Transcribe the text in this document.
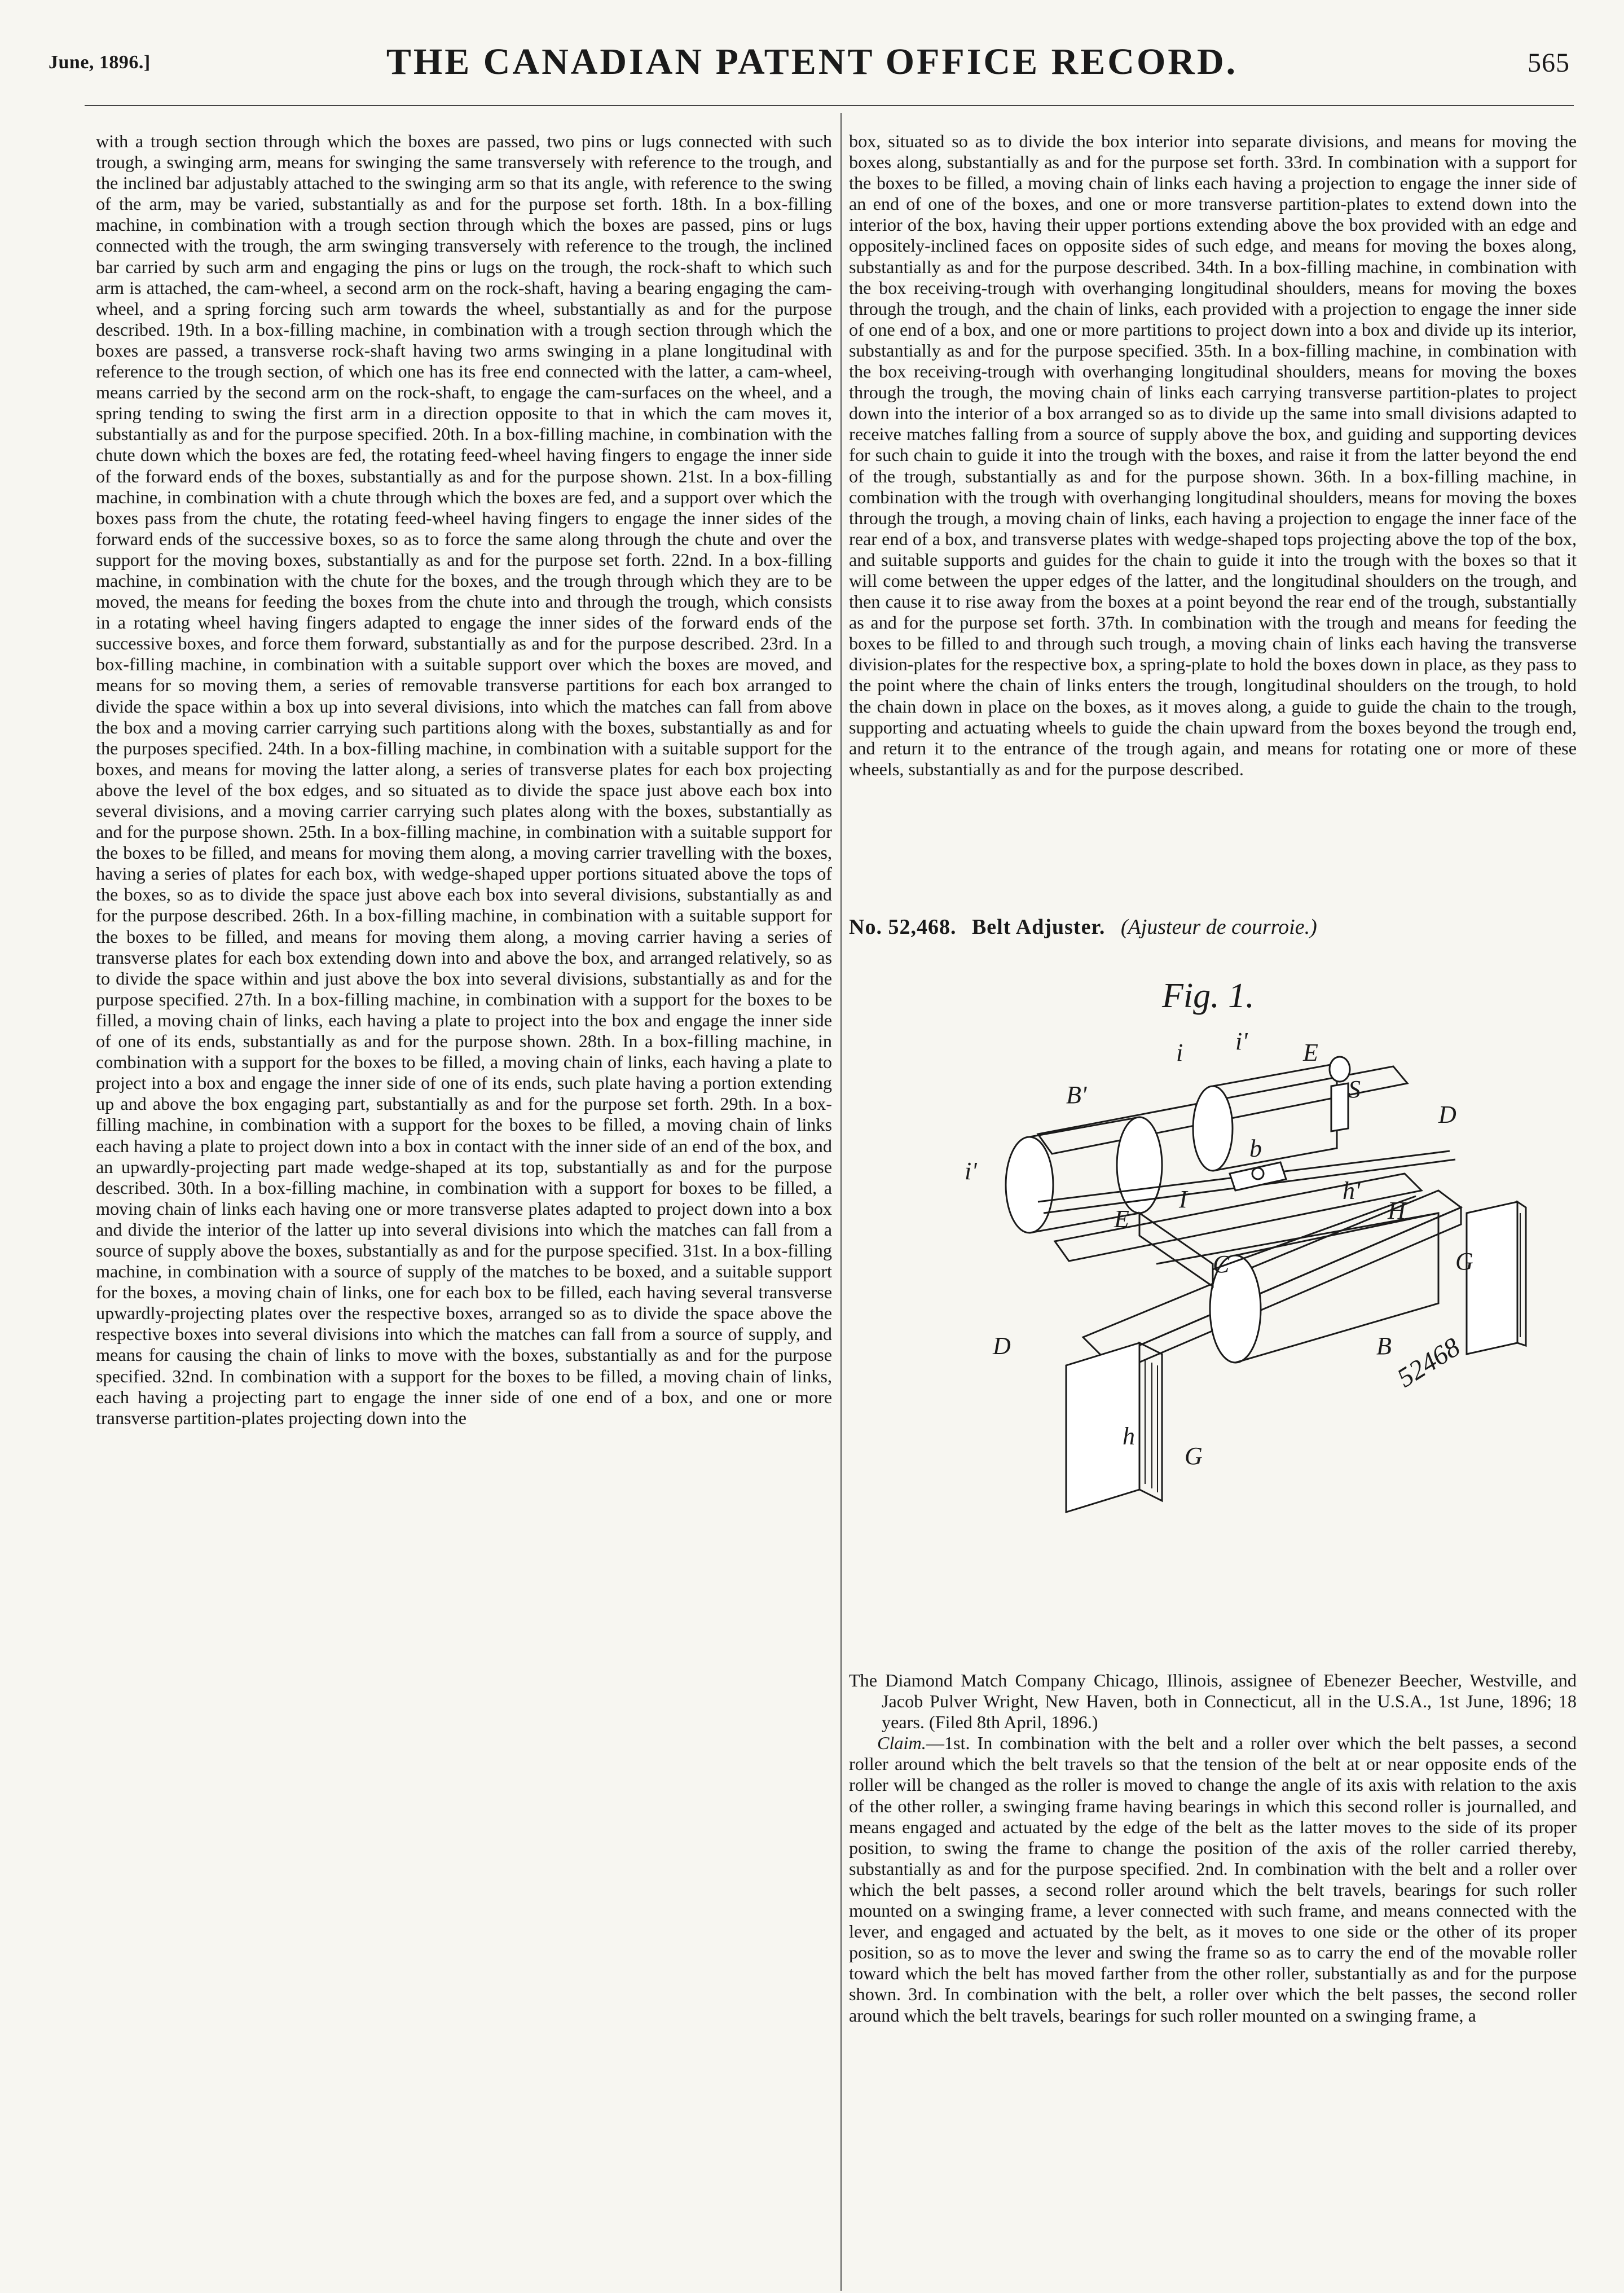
June, 1896.]	THE CANADIAN PATENT OFFICE RECORD.	565

with a trough section through which the boxes are passed, two pins or lugs connected with such trough, a swinging arm, means for swinging the same transversely with reference to the trough, and the inclined bar adjustably attached to the swinging arm so that its angle, with reference to the swing of the arm, may be varied, substantially as and for the purpose set forth. 18th. In a box-filling machine, in combination with a trough section through which the boxes are passed, pins or lugs connected with the trough, the arm swinging transversely with reference to the trough, the inclined bar carried by such arm and engaging the pins or lugs on the trough, the rock-shaft to which such arm is attached, the cam-wheel, a second arm on the rock-shaft, having a bearing engaging the cam-wheel, and a spring forcing such arm towards the wheel, substantially as and for the purpose described. 19th. In a box-filling machine, in combination with a trough section through which the boxes are passed, a transverse rock-shaft having two arms swinging in a plane longitudinal with reference to the trough section, of which one has its free end connected with the latter, a cam-wheel, means carried by the second arm on the rock-shaft, to engage the cam-surfaces on the wheel, and a spring tending to swing the first arm in a direction opposite to that in which the cam moves it, substantially as and for the purpose specified. 20th. In a box-filling machine, in combination with the chute down which the boxes are fed, the rotating feed-wheel having fingers to engage the inner side of the forward ends of the boxes, substantially as and for the purpose shown. 21st. In a box-filling machine, in combination with a chute through which the boxes are fed, and a support over which the boxes pass from the chute, the rotating feed-wheel having fingers to engage the inner sides of the forward ends of the successive boxes, so as to force the same along through the chute and over the support for the moving boxes, substantially as and for the purpose set forth. 22nd. In a box-filling machine, in combination with the chute for the boxes, and the trough through which they are to be moved, the means for feeding the boxes from the chute into and through the trough, which consists in a rotating wheel having fingers adapted to engage the inner sides of the forward ends of the successive boxes, and force them forward, substantially as and for the purpose described. 23rd. In a box-filling machine, in combination with a suitable support over which the boxes are moved, and means for so moving them, a series of removable transverse partitions for each box arranged to divide the space within a box up into several divisions, into which the matches can fall from above the box and a moving carrier carrying such partitions along with the boxes, substantially as and for the purposes specified. 24th. In a box-filling machine, in combination with a suitable support for the boxes, and means for moving the latter along, a series of transverse plates for each box projecting above the level of the box edges, and so situated as to divide the space just above each box into several divisions, and a moving carrier carrying such plates along with the boxes, substantially as and for the purpose shown. 25th. In a box-filling machine, in combination with a suitable support for the boxes to be filled, and means for moving them along, a moving carrier travelling with the boxes, having a series of plates for each box, with wedge-shaped upper portions situated above the tops of the boxes, so as to divide the space just above each box into several divisions, substantially as and for the purpose described. 26th. In a box-filling machine, in combination with a suitable support for the boxes to be filled, and means for moving them along, a moving carrier having a series of transverse plates for each box extending down into and above the box, and arranged relatively, so as to divide the space within and just above the box into several divisions, substantially as and for the purpose specified. 27th. In a box-filling machine, in combination with a support for the boxes to be filled, a moving chain of links, each having a plate to project into the box and engage the inner side of one of its ends, substantially as and for the purpose shown. 28th. In a box-filling machine, in combination with a support for the boxes to be filled, a moving chain of links, each having a plate to project into a box and engage the inner side of one of its ends, such plate having a portion extending up and above the box engaging part, substantially as and for the purpose set forth. 29th. In a box-filling machine, in combination with a support for the boxes to be filled, a moving chain of links each having a plate to project down into a box in contact with the inner side of an end of the box, and an upwardly-projecting part made wedge-shaped at its top, substantially as and for the purpose described. 30th. In a box-filling machine, in combination with a support for boxes to be filled, a moving chain of links each having one or more transverse plates adapted to project down into a box and divide the interior of the latter up into several divisions into which the matches can fall from a source of supply above the boxes, substantially as and for the purpose specified. 31st. In a box-filling machine, in combination with a source of supply of the matches to be boxed, and a suitable support for the boxes, a moving chain of links, one for each box to be filled, each having several transverse upwardly-projecting plates over the respective boxes, arranged so as to divide the space above the respective boxes into several divisions into which the matches can fall from a source of supply, and means for causing the chain of links to move with the boxes, substantially as and for the purpose specified. 32nd. In combination with a support for the boxes to be filled, a moving chain of links, each having a projecting part to engage the inner side of one end of a box, and one or more transverse partition-plates projecting down into the

box, situated so as to divide the box interior into separate divisions, and means for moving the boxes along, substantially as and for the purpose set forth. 33rd. In combination with a support for the boxes to be filled, a moving chain of links each having a projection to engage the inner side of an end of one of the boxes, and one or more transverse partition-plates to extend down into the interior of the box, having their upper portions extending above the box provided with an edge and oppositely-inclined faces on opposite sides of such edge, and means for moving the boxes along, substantially as and for the purpose described. 34th. In a box-filling machine, in combination with the box receiving-trough with overhanging longitudinal shoulders, means for moving the boxes through the trough, and the chain of links, each provided with a projection to engage the inner side of one end of a box, and one or more partitions to project down into a box and divide up its interior, substantially as and for the purpose specified. 35th. In a box-filling machine, in combination with the box receiving-trough with overhanging longitudinal shoulders, means for moving the boxes through the trough, the moving chain of links each carrying transverse partition-plates to project down into the interior of a box arranged so as to divide up the same into small divisions adapted to receive matches falling from a source of supply above the box, and guiding and supporting devices for such chain to guide it into the trough with the boxes, and raise it from the latter beyond the end of the trough, substantially as and for the purpose shown. 36th. In a box-filling machine, in combination with the trough with overhanging longitudinal shoulders, means for moving the boxes through the trough, a moving chain of links, each having a projection to engage the inner face of the rear end of a box, and transverse plates with wedge-shaped tops projecting above the top of the box, and suitable supports and guides for the chain to guide it into the trough with the boxes so that it will come between the upper edges of the latter, and the longitudinal shoulders on the trough, and then cause it to rise away from the boxes at a point beyond the rear end of the trough, substantially as and for the purpose set forth. 37th. In combination with the trough and means for feeding the boxes to be filled to and through such trough, a moving chain of links each having the transverse division-plates for the respective box, a spring-plate to hold the boxes down in place, as they pass to the point where the chain of links enters the trough, longitudinal shoulders on the trough, to hold the chain down in place on the boxes, as it moves along, a guide to guide the chain to the trough, supporting and actuating wheels to guide the chain upward from the boxes beyond the trough end, and return it to the entrance of the trough again, and means for rotating one or more of these wheels, substantially as and for the purpose described.

No. 52,468. Belt Adjuster. (Ajusteur de courroie.)
Fig. 1.
i i' E
S
D
B'
i'
b
I
E
h'
H
C	G
D	B
h
G
52468

The Diamond Match Company Chicago, Illinois, assignee of Ebenezer Beecher, Westville, and Jacob Pulver Wright, New Haven, both in Connecticut, all in the U.S.A., 1st June, 1896; 18 years. (Filed 8th April, 1896.)

Claim.—1st. In combination with the belt and a roller over which the belt passes, a second roller around which the belt travels so that the tension of the belt at or near opposite ends of the roller will be changed as the roller is moved to change the angle of its axis with relation to the axis of the other roller, a swinging frame having bearings in which this second roller is journalled, and means engaged and actuated by the edge of the belt as the latter moves to the side of its proper position, to swing the frame to change the position of the axis of the roller carried thereby, substantially as and for the purpose specified. 2nd. In combination with the belt and a roller over which the belt passes, a second roller around which the belt travels, bearings for such roller mounted on a swinging frame, a lever connected with such frame, and means connected with the lever, and engaged and actuated by the belt, as it moves to one side or the other of its proper position, so as to move the lever and swing the frame so as to carry the end of the movable roller toward which the belt has moved farther from the other roller, substantially as and for the purpose shown. 3rd. In combination with the belt, a roller over which the belt passes, the second roller around which the belt travels, bearings for such roller mounted on a swinging frame, a
